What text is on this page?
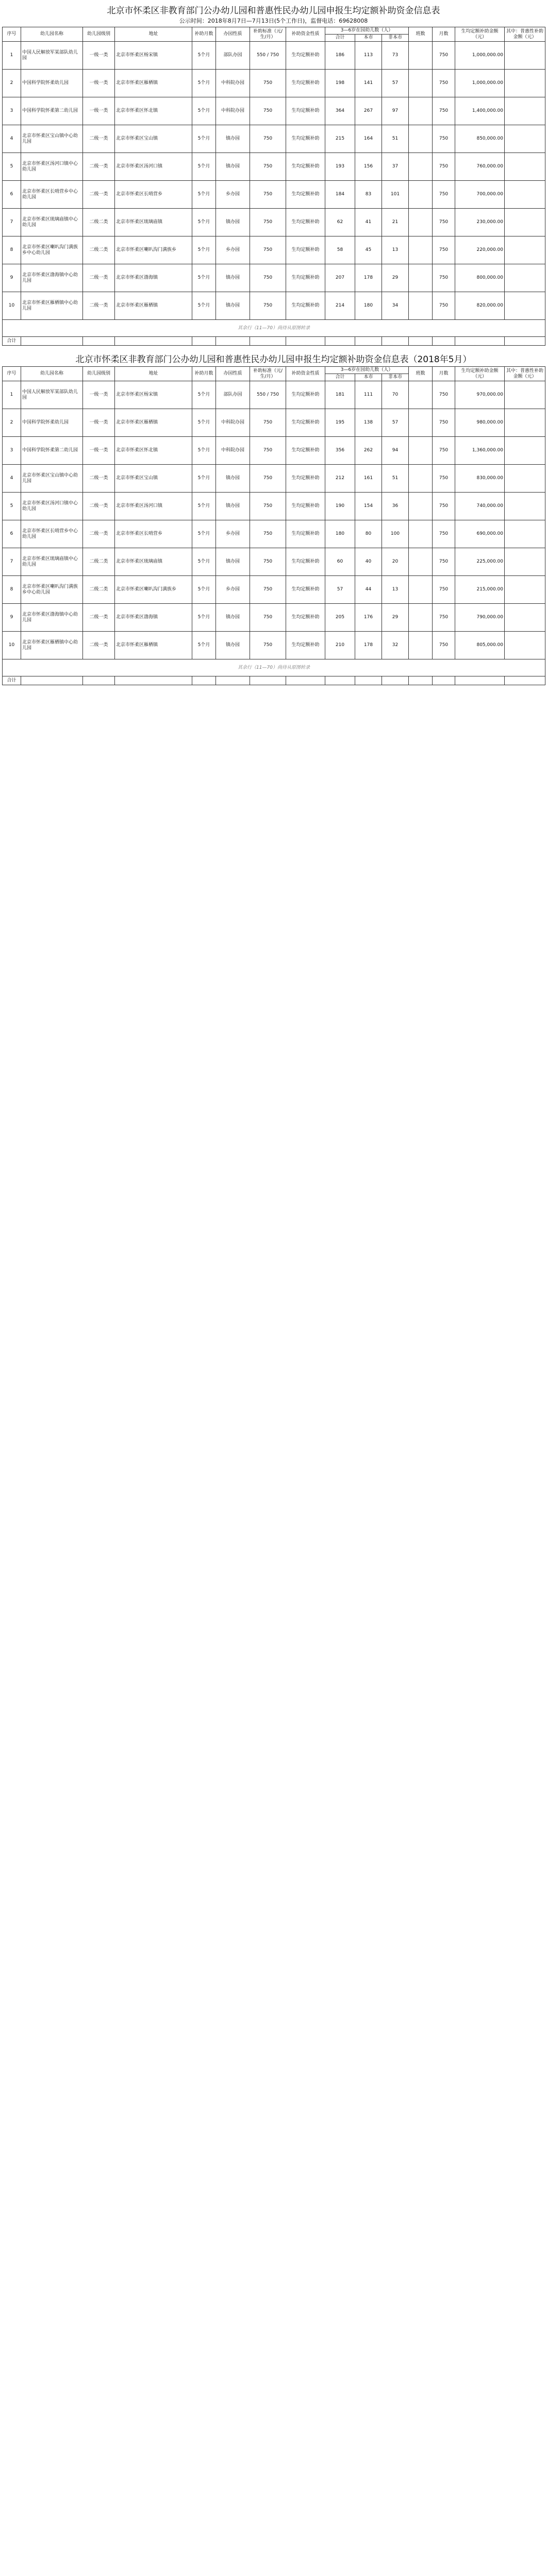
北京市怀柔区非教育部门公办幼儿园和普惠性民办幼儿园申报生均定额补助资金信息表
公示时间：2018年8月7日—7月13日(5个工作日)，监督电话：69628008
序号	幼儿园名称	幼儿园级别	地址	补助月数	办园性质	补助标准（元/生/月）	补助资金性质	3—6岁在园幼儿数（人）			班数	月数	生均定额补助金额（元）	其中：普惠性补助金额（元）
								合计	本市	非本市				
1	中国人民解放军某部队幼儿园	一级一类	北京市怀柔区杨宋镇	5个月	部队办园	550 / 750	生均定额补助	186	113	73		750	1,000,000.00	
2	中国科学院怀柔幼儿园	一级一类	北京市怀柔区雁栖镇	5个月	中科院办园	750	生均定额补助	198	141	57		750	1,000,000.00	
3	中国科学院怀柔第二幼儿园	一级一类	北京市怀柔区怀北镇	5个月	中科院办园	750	生均定额补助	364	267	97		750	1,400,000.00	
4	北京市怀柔区宝山镇中心幼儿园	二级一类	北京市怀柔区宝山镇	5个月	镇办园	750	生均定额补助	215	164	51		750	850,000.00	
5	北京市怀柔区汤河口镇中心幼儿园	二级一类	北京市怀柔区汤河口镇	5个月	镇办园	750	生均定额补助	193	156	37		750	760,000.00	
6	北京市怀柔区长哨营乡中心幼儿园	二级一类	北京市怀柔区长哨营乡	5个月	乡办园	750	生均定额补助	184	83	101		750	700,000.00	
7	北京市怀柔区琉璃庙镇中心幼儿园	二级二类	北京市怀柔区琉璃庙镇	5个月	镇办园	750	生均定额补助	62	41	21		750	230,000.00	
8	北京市怀柔区喇叭沟门满族乡中心幼儿园	二级二类	北京市怀柔区喇叭沟门满族乡	5个月	乡办园	750	生均定额补助	58	45	13		750	220,000.00	
9	北京市怀柔区渤海镇中心幼儿园	二级一类	北京市怀柔区渤海镇	5个月	镇办园	750	生均定额补助	207	178	29		750	800,000.00	
10	北京市怀柔区雁栖镇中心幼儿园	二级一类	北京市怀柔区雁栖镇	5个月	镇办园	750	生均定额补助	214	180	34		750	820,000.00	
其余行（11—70）尚待从原图转录														
合计														
北京市怀柔区非教育部门公办幼儿园和普惠性民办幼儿园申报生均定额补助资金信息表（2018年5月）
序号	幼儿园名称	幼儿园级别	地址	补助月数	办园性质	补助标准（元/生/月）	补助资金性质	3—6岁在园幼儿数（人）			班数	月数	生均定额补助金额（元）	其中：普惠性补助金额（元）
								合计	本市	非本市				
1	中国人民解放军某部队幼儿园	一级一类	北京市怀柔区杨宋镇	5个月	部队办园	550 / 750	生均定额补助	181	111	70		750	970,000.00	
2	中国科学院怀柔幼儿园	一级一类	北京市怀柔区雁栖镇	5个月	中科院办园	750	生均定额补助	195	138	57		750	980,000.00	
3	中国科学院怀柔第二幼儿园	一级一类	北京市怀柔区怀北镇	5个月	中科院办园	750	生均定额补助	356	262	94		750	1,360,000.00	
4	北京市怀柔区宝山镇中心幼儿园	二级一类	北京市怀柔区宝山镇	5个月	镇办园	750	生均定额补助	212	161	51		750	830,000.00	
5	北京市怀柔区汤河口镇中心幼儿园	二级一类	北京市怀柔区汤河口镇	5个月	镇办园	750	生均定额补助	190	154	36		750	740,000.00	
6	北京市怀柔区长哨营乡中心幼儿园	二级一类	北京市怀柔区长哨营乡	5个月	乡办园	750	生均定额补助	180	80	100		750	690,000.00	
7	北京市怀柔区琉璃庙镇中心幼儿园	二级二类	北京市怀柔区琉璃庙镇	5个月	镇办园	750	生均定额补助	60	40	20		750	225,000.00	
8	北京市怀柔区喇叭沟门满族乡中心幼儿园	二级二类	北京市怀柔区喇叭沟门满族乡	5个月	乡办园	750	生均定额补助	57	44	13		750	215,000.00	
9	北京市怀柔区渤海镇中心幼儿园	二级一类	北京市怀柔区渤海镇	5个月	镇办园	750	生均定额补助	205	176	29		750	790,000.00	
10	北京市怀柔区雁栖镇中心幼儿园	二级一类	北京市怀柔区雁栖镇	5个月	镇办园	750	生均定额补助	210	178	32		750	805,000.00	
其余行（11—70）尚待从原图转录														
合计														
